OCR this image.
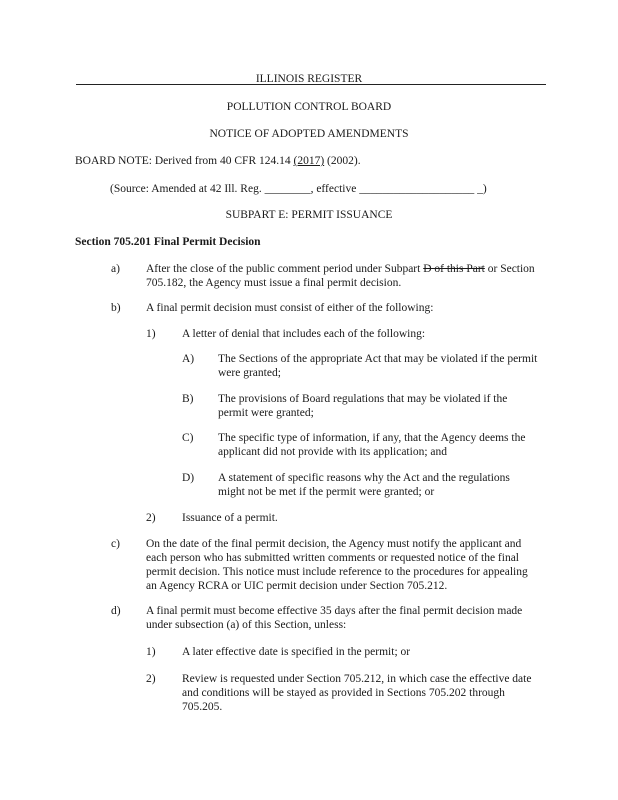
ILLINOIS REGISTER
POLLUTION CONTROL BOARD
NOTICE OF ADOPTED AMENDMENTS
BOARD NOTE: Derived from 40 CFR 124.14 (2017) (2002).
(Source: Amended at 42 Ill. Reg. ________, effective ____________________ _)
SUBPART E: PERMIT ISSUANCE
Section 705.201 Final Permit Decision
a)	After the close of the public comment period under Subpart D of this Part or Section
705.182, the Agency must issue a final permit decision.
b)	A final permit decision must consist of either of the following:
1)	A letter of denial that includes each of the following:
A)	The Sections of the appropriate Act that may be violated if the permit
were granted;
B)	The provisions of Board regulations that may be violated if the
permit were granted;
C)	The specific type of information, if any, that the Agency deems the
applicant did not provide with its application; and
D)	A statement of specific reasons why the Act and the regulations
might not be met if the permit were granted; or
2)	Issuance of a permit.
c)	On the date of the final permit decision, the Agency must notify the applicant and
each person who has submitted written comments or requested notice of the final
permit decision. This notice must include reference to the procedures for appealing
an Agency RCRA or UIC permit decision under Section 705.212.
d)	A final permit must become effective 35 days after the final permit decision made
under subsection (a) of this Section, unless:
1)	A later effective date is specified in the permit; or
2)	Review is requested under Section 705.212, in which case the effective date
and conditions will be stayed as provided in Sections 705.202 through
705.205.
